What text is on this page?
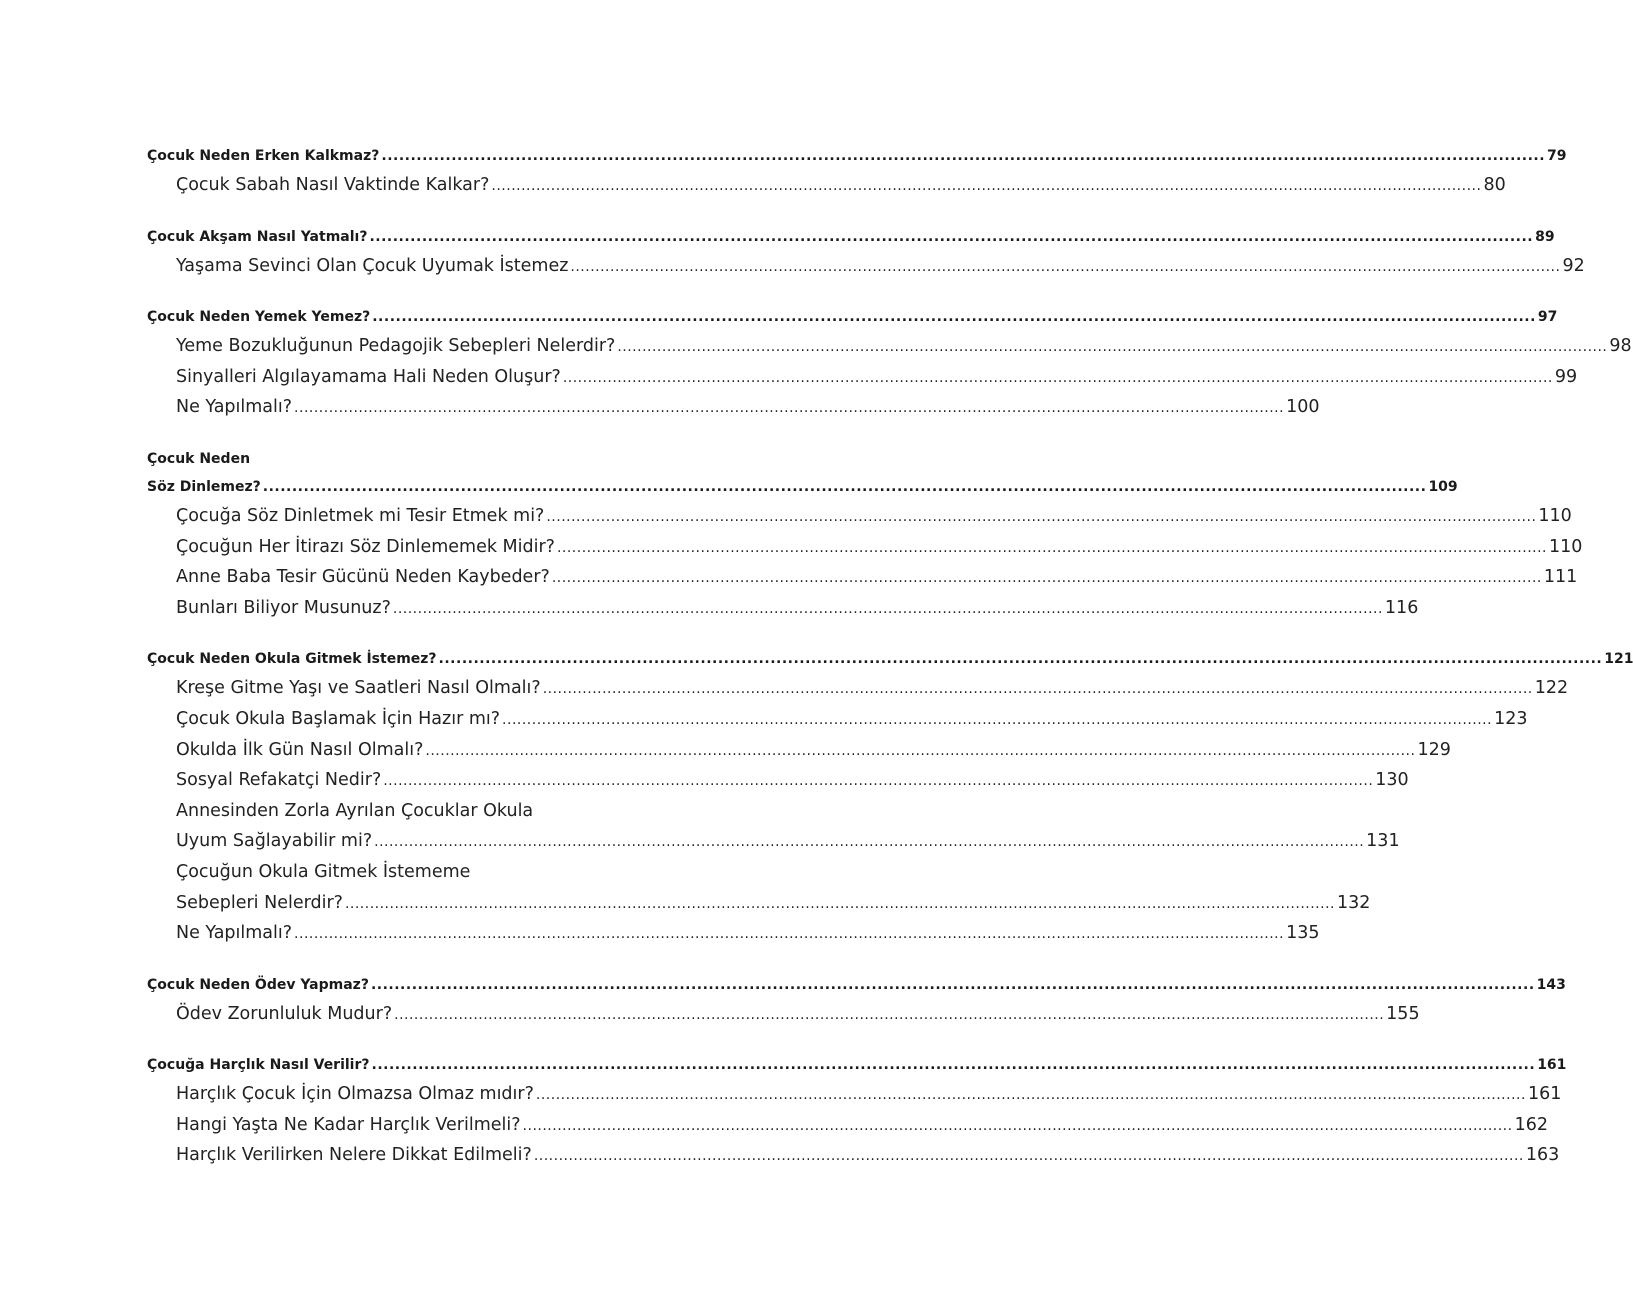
Çocuk Neden Erken Kalkmaz? ........................................................................................................................................................................................................ 79
Çocuk Sabah Nasıl Vaktinde Kalkar? ........................................................................................................................................................................................................ 80
Çocuk Akşam Nasıl Yatmalı? ........................................................................................................................................................................................................ 89
Yaşama Sevinci Olan Çocuk Uyumak İstemez ........................................................................................................................................................................................................ 92
Çocuk Neden Yemek Yemez? ........................................................................................................................................................................................................ 97
Yeme Bozukluğunun Pedagojik Sebepleri Nelerdir? ........................................................................................................................................................................................................ 98
Sinyalleri Algılayamama Hali Neden Oluşur? ........................................................................................................................................................................................................ 99
Ne Yapılmalı? ........................................................................................................................................................................................................ 100
Çocuk Neden
Söz Dinlemez? ........................................................................................................................................................................................................ 109
Çocuğa Söz Dinletmek mi Tesir Etmek mi? ........................................................................................................................................................................................................ 110
Çocuğun Her İtirazı Söz Dinlememek Midir? ........................................................................................................................................................................................................ 110
Anne Baba Tesir Gücünü Neden Kaybeder? ........................................................................................................................................................................................................ 111
Bunları Biliyor Musunuz? ........................................................................................................................................................................................................ 116
Çocuk Neden Okula Gitmek İstemez? ........................................................................................................................................................................................................ 121
Kreşe Gitme Yaşı ve Saatleri Nasıl Olmalı? ........................................................................................................................................................................................................ 122
Çocuk Okula Başlamak İçin Hazır mı? ........................................................................................................................................................................................................ 123
Okulda İlk Gün Nasıl Olmalı? ........................................................................................................................................................................................................ 129
Sosyal Refakatçi Nedir? ........................................................................................................................................................................................................ 130
Annesinden Zorla Ayrılan Çocuklar Okula
Uyum Sağlayabilir mi? ........................................................................................................................................................................................................ 131
Çocuğun Okula Gitmek İstememe
Sebepleri Nelerdir? ........................................................................................................................................................................................................ 132
Ne Yapılmalı? ........................................................................................................................................................................................................ 135
Çocuk Neden Ödev Yapmaz? ........................................................................................................................................................................................................ 143
Ödev Zorunluluk Mudur? ........................................................................................................................................................................................................ 155
Çocuğa Harçlık Nasıl Verilir? ........................................................................................................................................................................................................ 161
Harçlık Çocuk İçin Olmazsa Olmaz mıdır? ........................................................................................................................................................................................................ 161
Hangi Yaşta Ne Kadar Harçlık Verilmeli? ........................................................................................................................................................................................................ 162
Harçlık Verilirken Nelere Dikkat Edilmeli? ........................................................................................................................................................................................................ 163
